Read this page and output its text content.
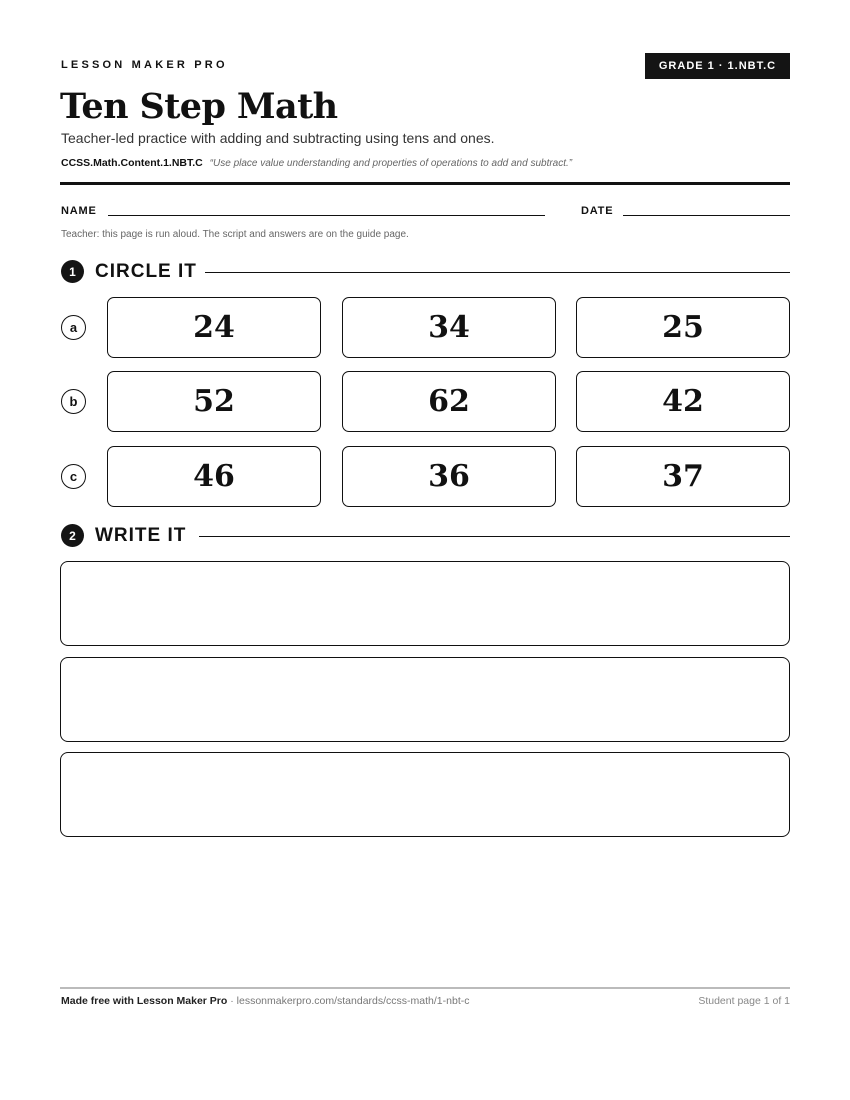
LESSON MAKER PRO	GRADE 1 · 1.NBT.C
Ten Step Math
Teacher-led practice with adding and subtracting using tens and ones.
CCSS.Math.Content.1.NBT.C “Use place value understanding and properties of operations to add and subtract.”
NAME	DATE
Teacher: this page is run aloud. The script and answers are on the guide page.
1	CIRCLE IT
a	24	34	25
b	52	62	42
c	46	36	37
2	WRITE IT
Made free with Lesson Maker Pro · lessonmakerpro.com/standards/ccss-math/1-nbt-c	Student page 1 of 1
